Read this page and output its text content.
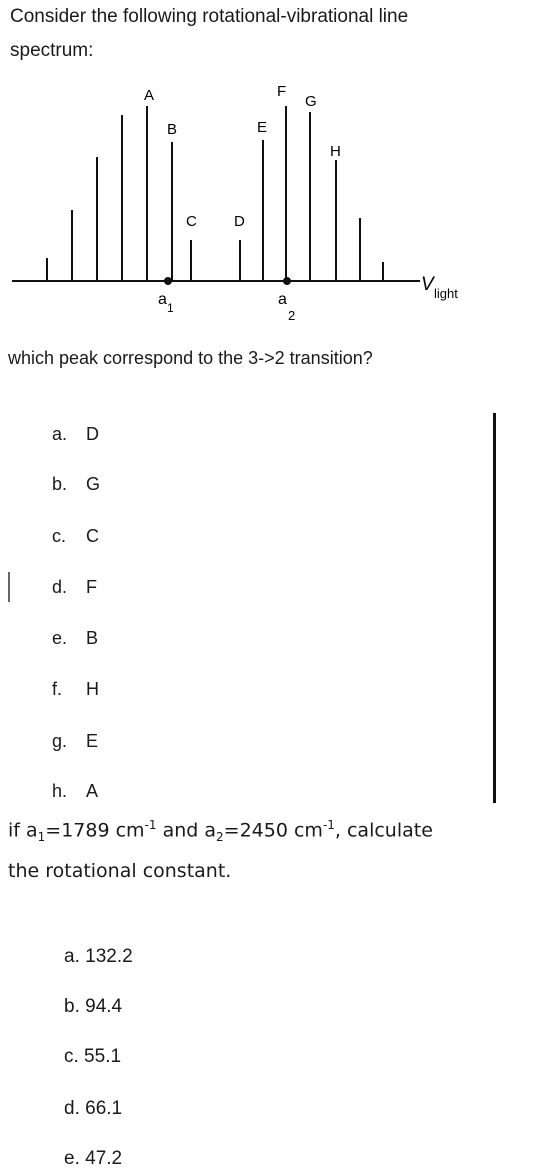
Consider the following rotational-vibrational line
spectrum:
A
B
C D
E
F
G
H
a 1	a
2
V light
which peak correspond to the 3->2 transition?
a. D
b. G
c. C
d. F
e. B
f. H
g. E
h. A
if $a_1=1789$ $cm^{-1}$ and $a_2=2450$ $cm^{-1}$, calculate
the rotational constant.
a. 132.2
b. 94.4
c. 55.1
d. 66.1
e. 47.2
